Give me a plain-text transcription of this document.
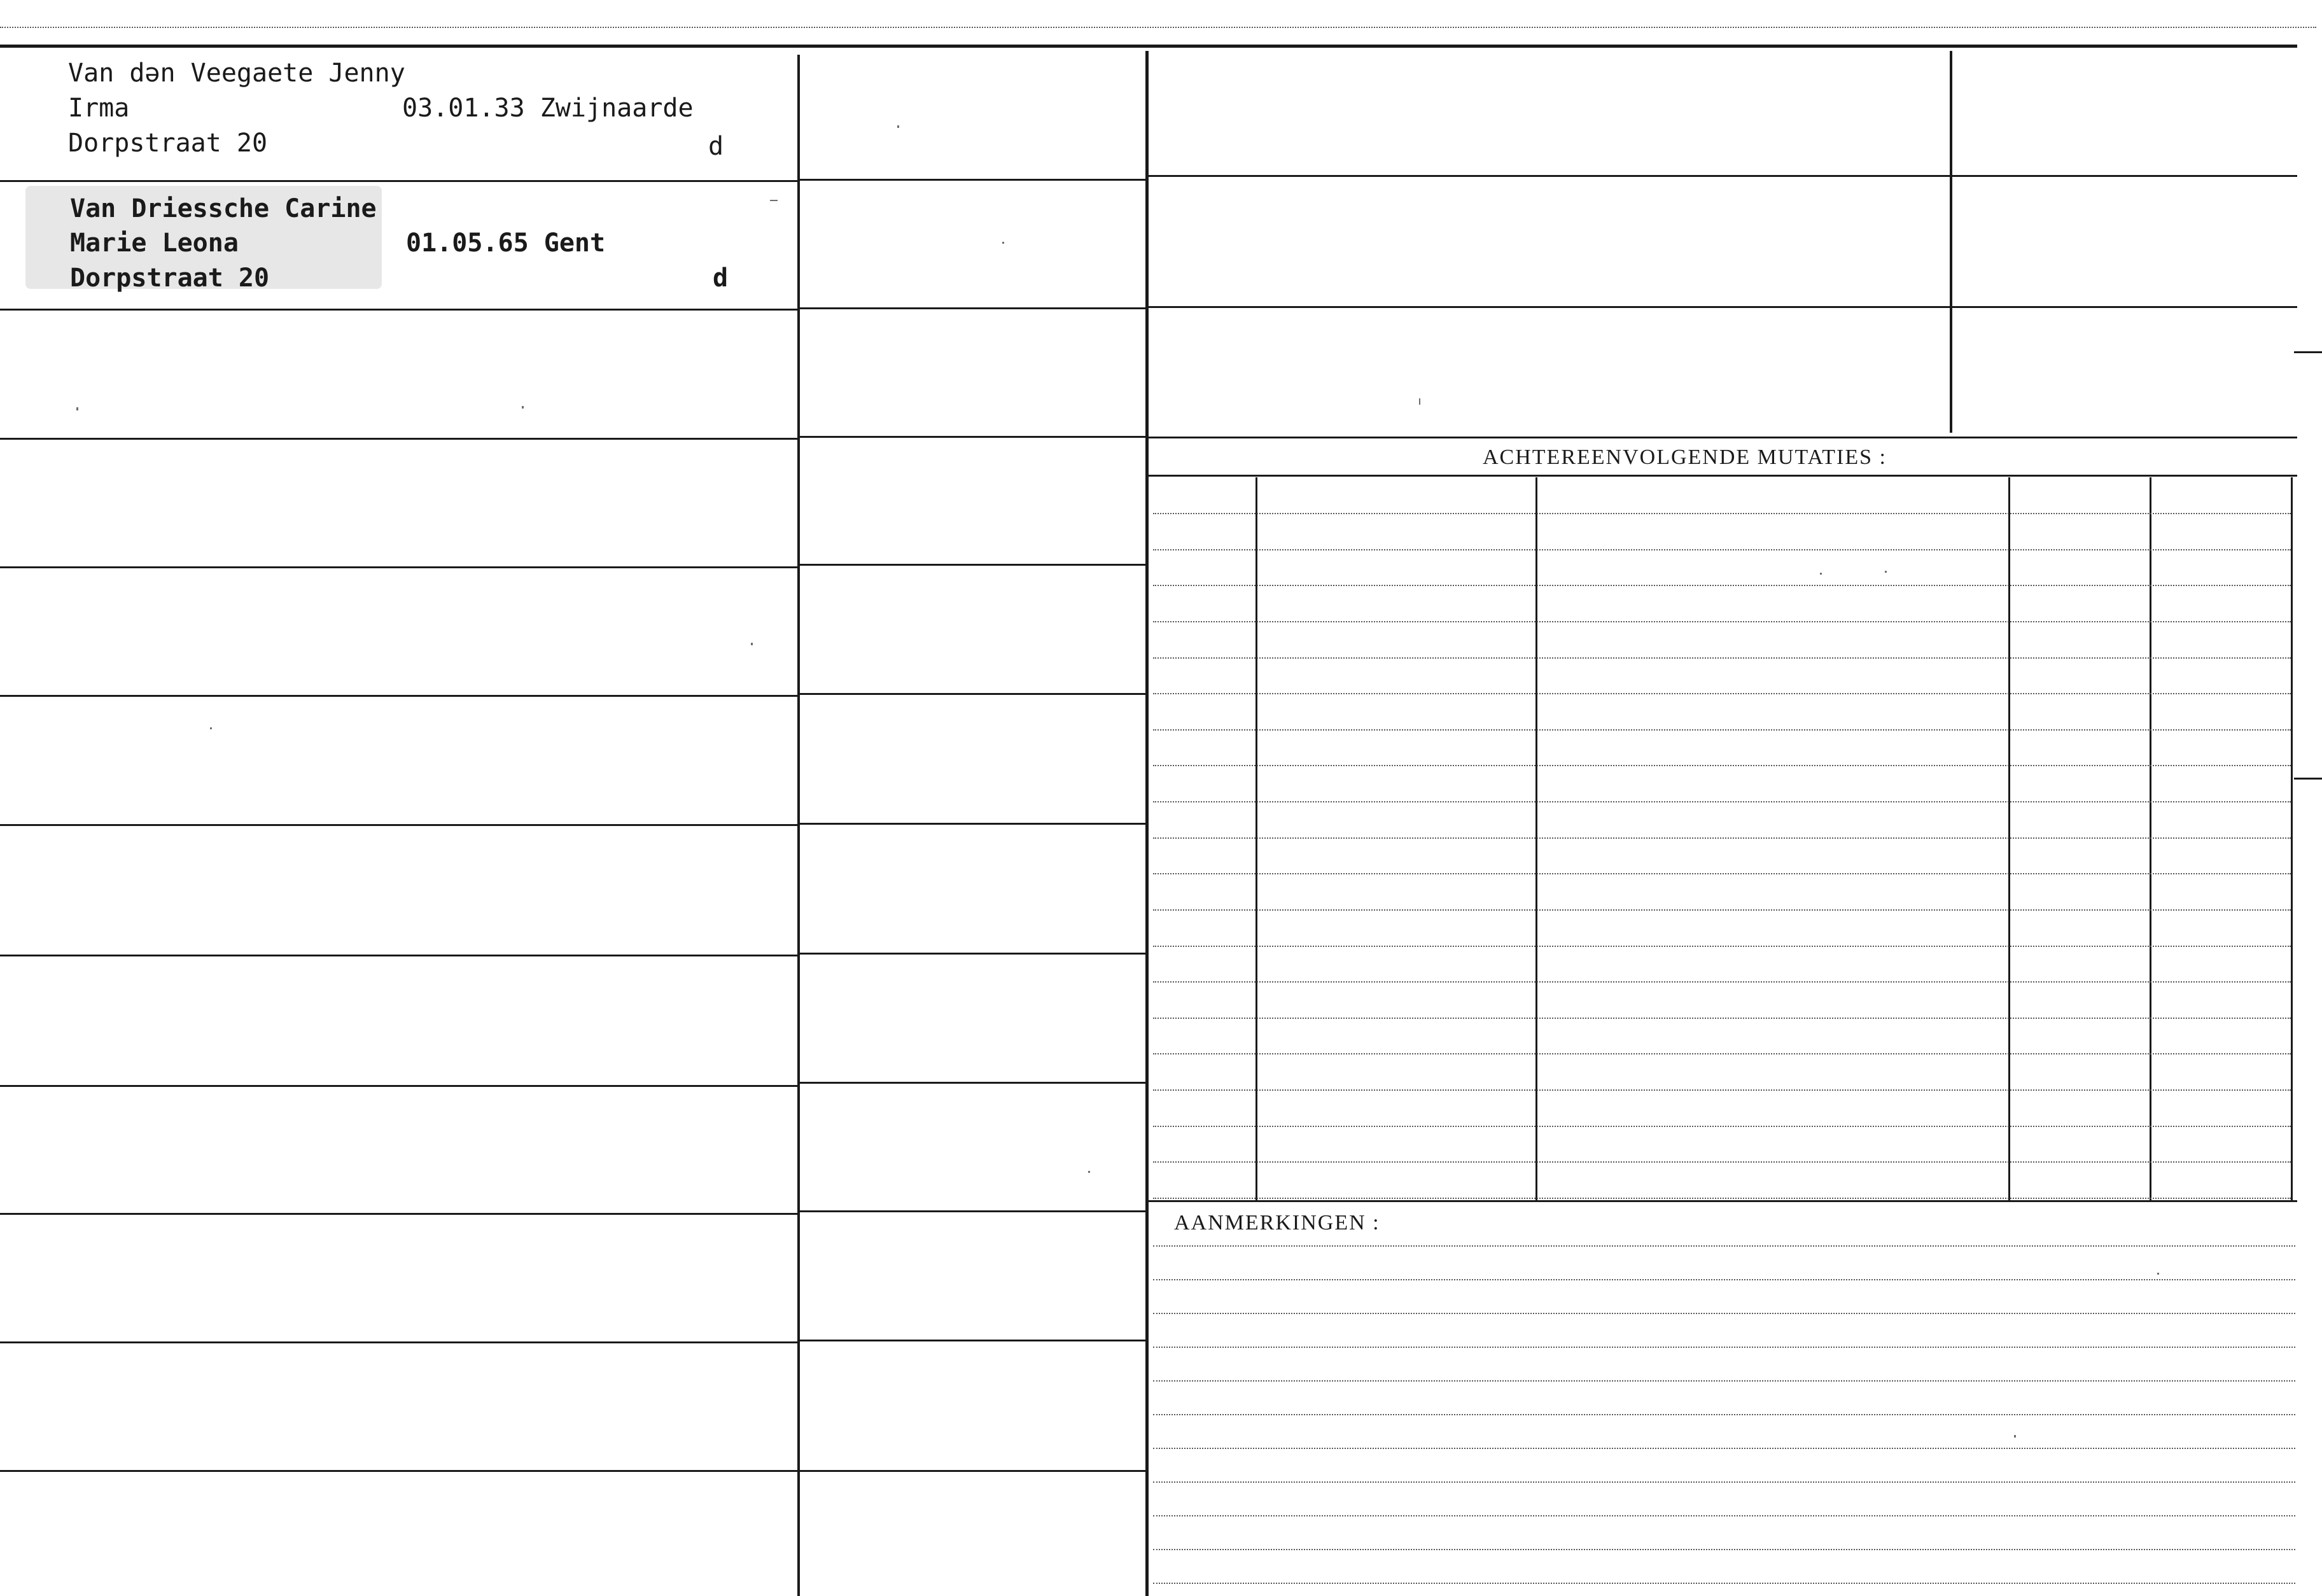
ACHTEREENVOLGENDE MUTATIES :
AANMERKINGEN :
Van dən Veegaete Jenny
Irma	03.01.33 Zwijnaarde
Dorpstraat 20	d
Van Driessche Carine
Marie Leona	01.05.65 Gent
Dorpstraat 20	d
